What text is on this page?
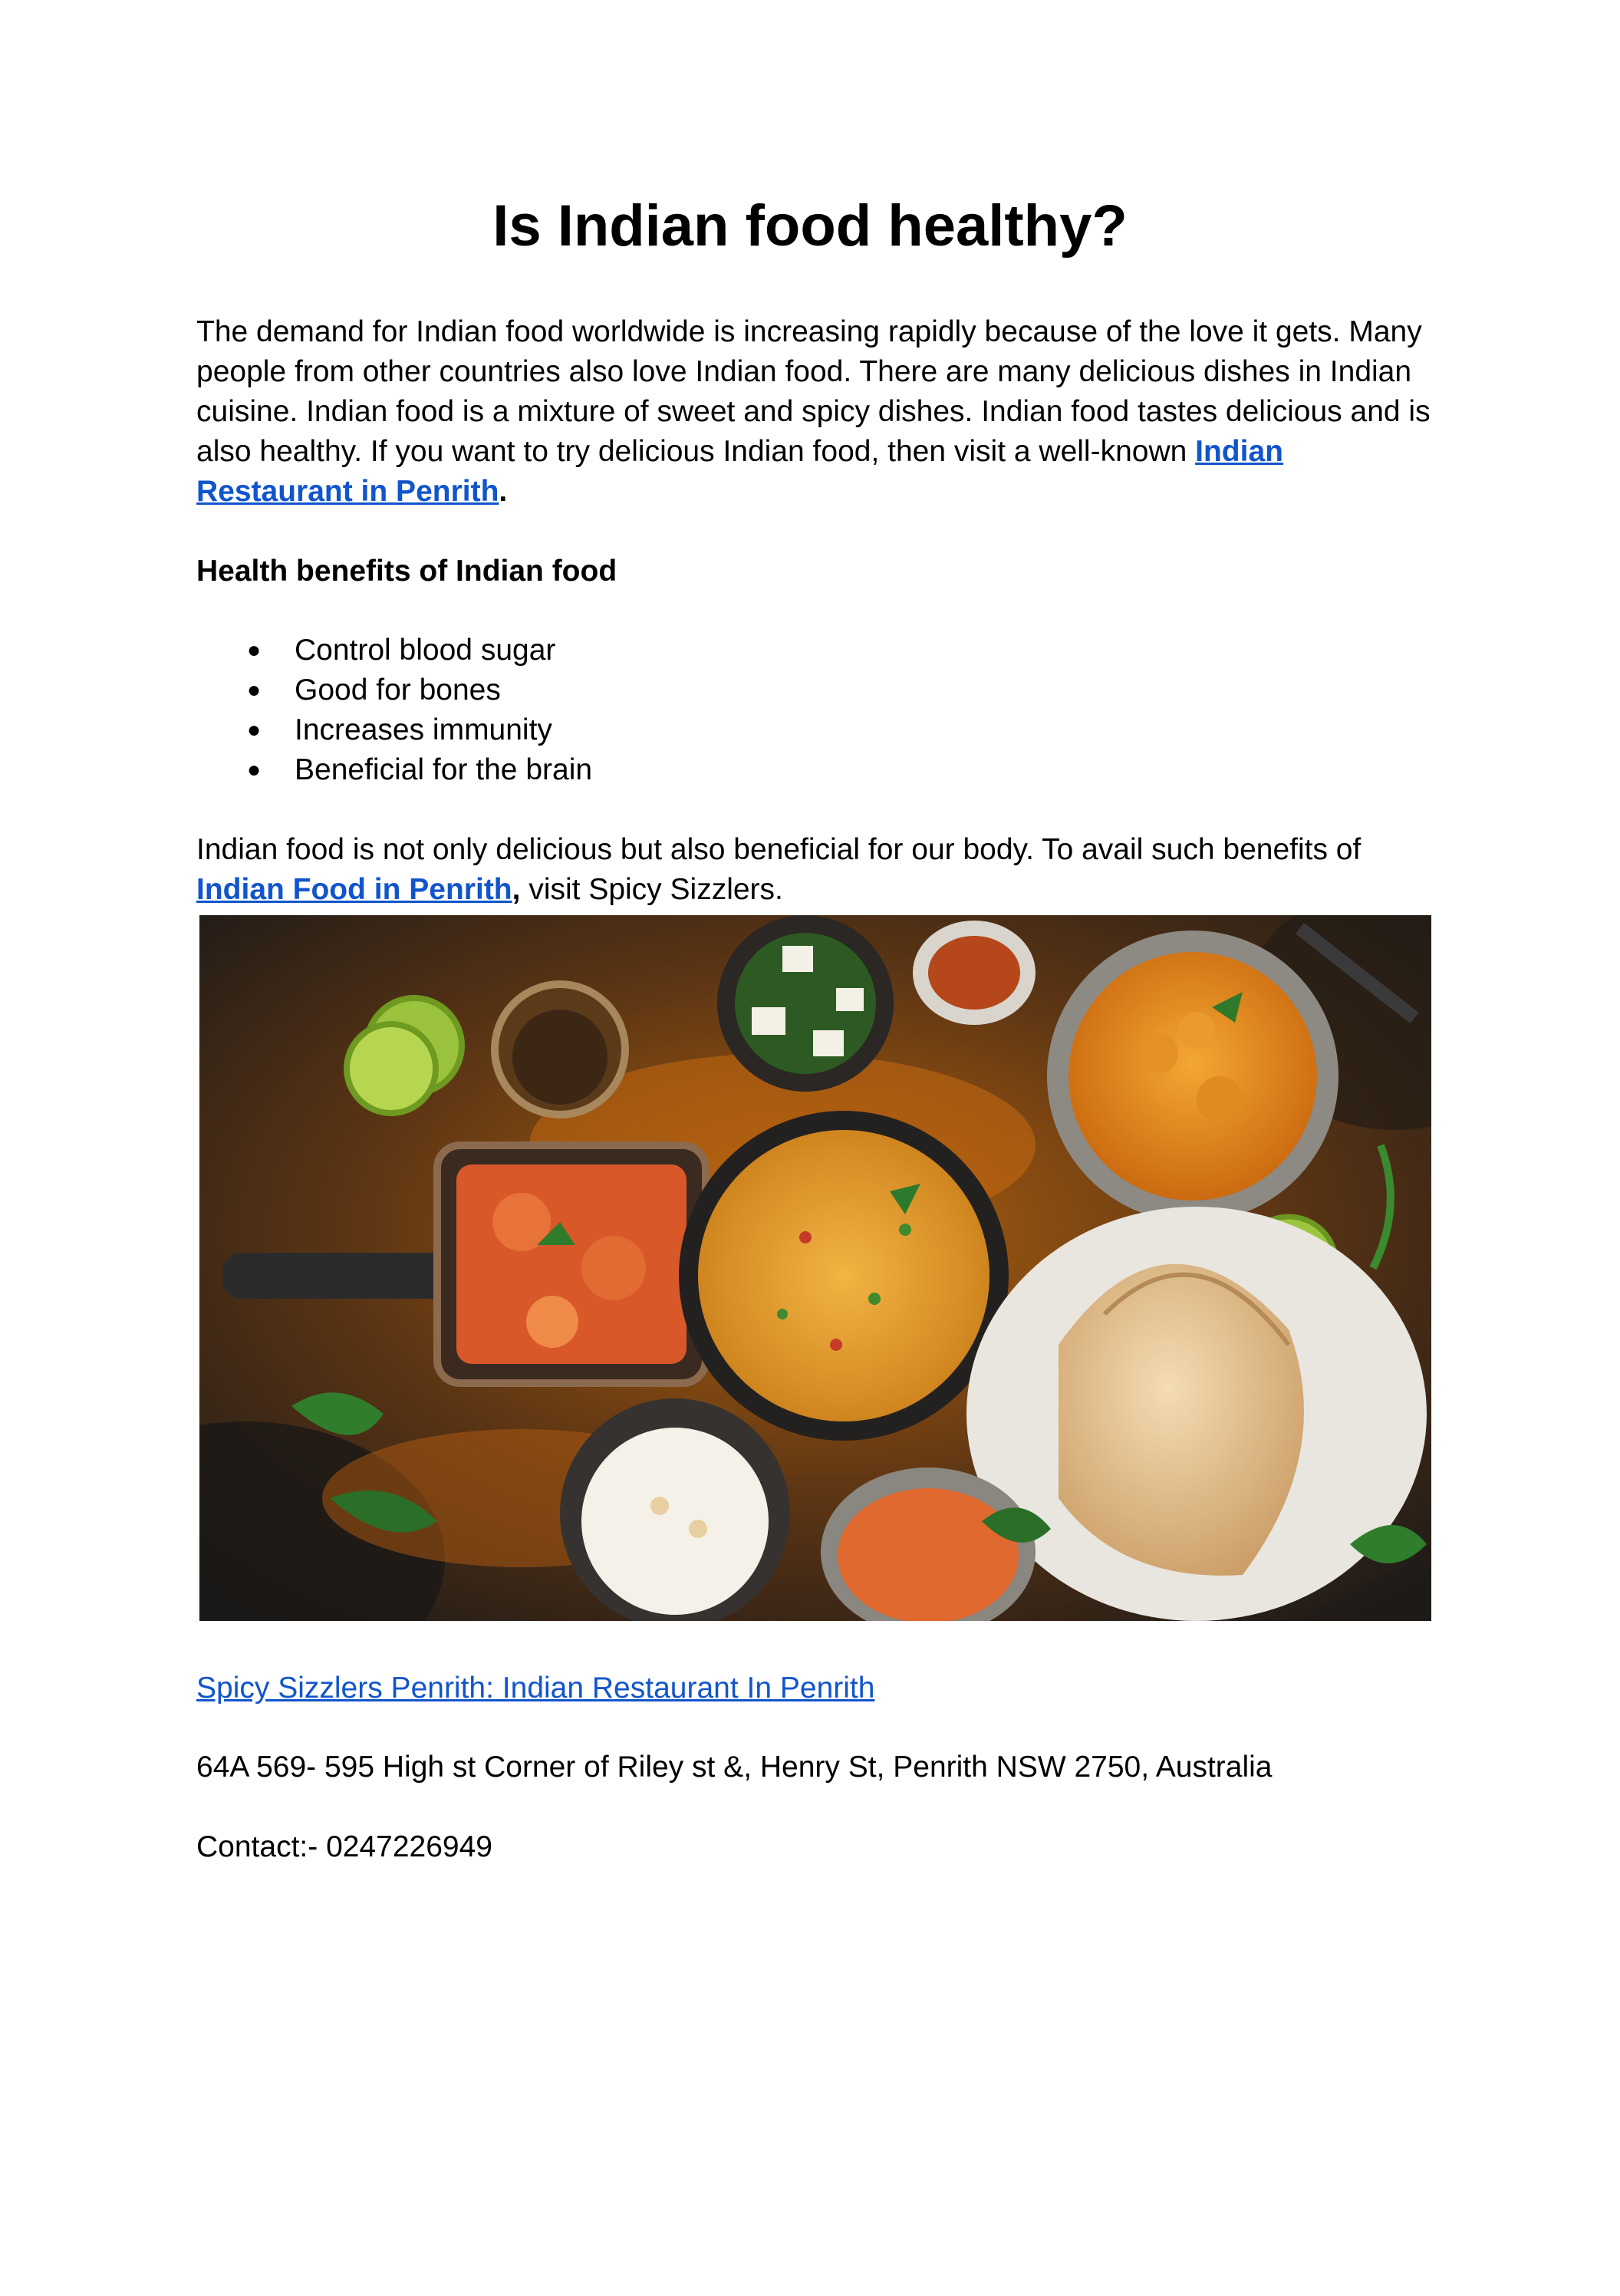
Is Indian food healthy?

The demand for Indian food worldwide is increasing rapidly because of the love it gets. Many people from other countries also love Indian food. There are many delicious dishes in Indian cuisine. Indian food is a mixture of sweet and spicy dishes. Indian food tastes delicious and is also healthy. If you want to try delicious Indian food, then visit a well-known Indian Restaurant in Penrith.

Health benefits of Indian food

● Control blood sugar
● Good for bones
● Increases immunity
● Beneficial for the brain

Indian food is not only delicious but also beneficial for our body. To avail such benefits of Indian Food in Penrith, visit Spicy Sizzlers.

Spicy Sizzlers Penrith: Indian Restaurant In Penrith

64A 569- 595 High st Corner of Riley st &, Henry St, Penrith NSW 2750, Australia

Contact:- 0247226949
